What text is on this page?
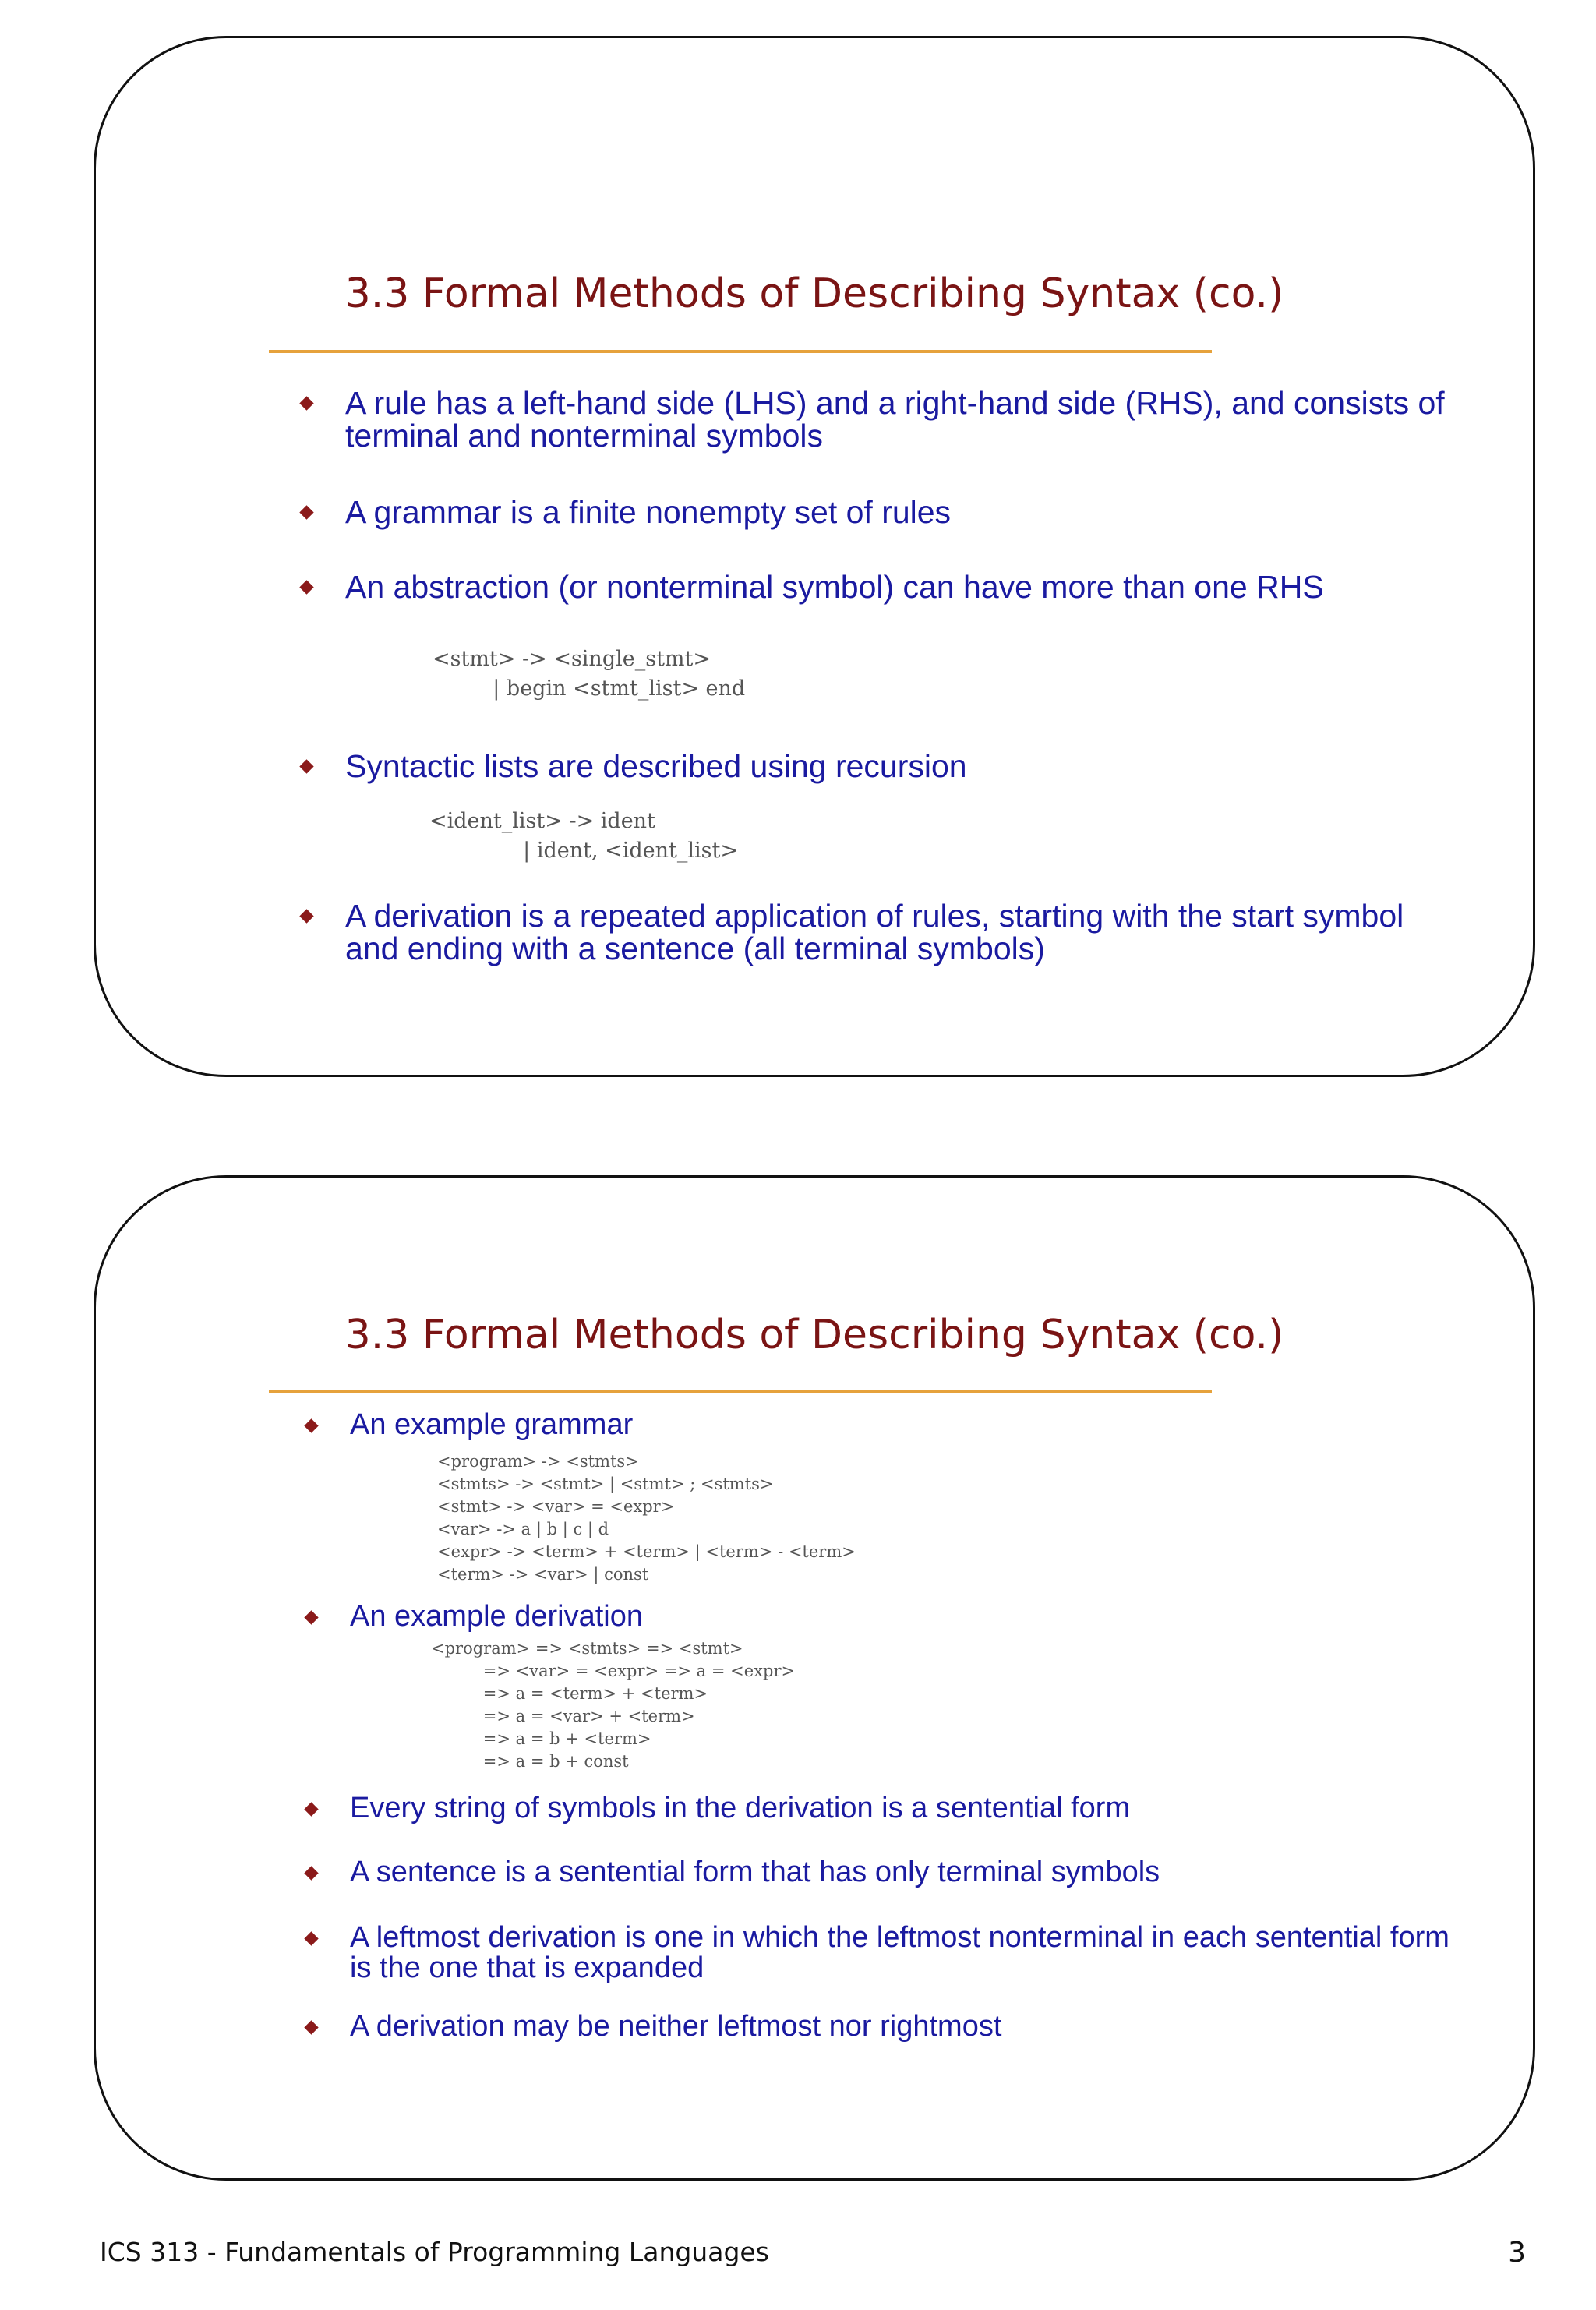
3.3 Formal Methods of Describing Syntax (co.)

A rule has a left-hand side (LHS) and a right-hand side (RHS), and consists of terminal and nonterminal symbols

A grammar is a finite nonempty set of rules

An abstraction (or nonterminal symbol) can have more than one RHS

<stmt> -> <single_stmt>
| begin <stmt_list> end

Syntactic lists are described using recursion

<ident_list> -> ident
| ident, <ident_list>

A derivation is a repeated application of rules, starting with the start symbol and ending with a sentence (all terminal symbols)

3.3 Formal Methods of Describing Syntax (co.)

An example grammar

<program> -> <stmts>
<stmts> -> <stmt> | <stmt> ; <stmts>
<stmt> -> <var> = <expr>
<var> -> a | b | c | d
<expr> -> <term> + <term> | <term> - <term>
<term> -> <var> | const

An example derivation

<program> => <stmts> => <stmt>
=> <var> = <expr> => a = <expr>
=> a = <term> + <term>
=> a = <var> + <term>
=> a = b + <term>
=> a = b + const

Every string of symbols in the derivation is a sentential form

A sentence is a sentential form that has only terminal symbols

A leftmost derivation is one in which the leftmost nonterminal in each sentential form is the one that is expanded

A derivation may be neither leftmost nor rightmost

ICS 313 - Fundamentals of Programming Languages	3
